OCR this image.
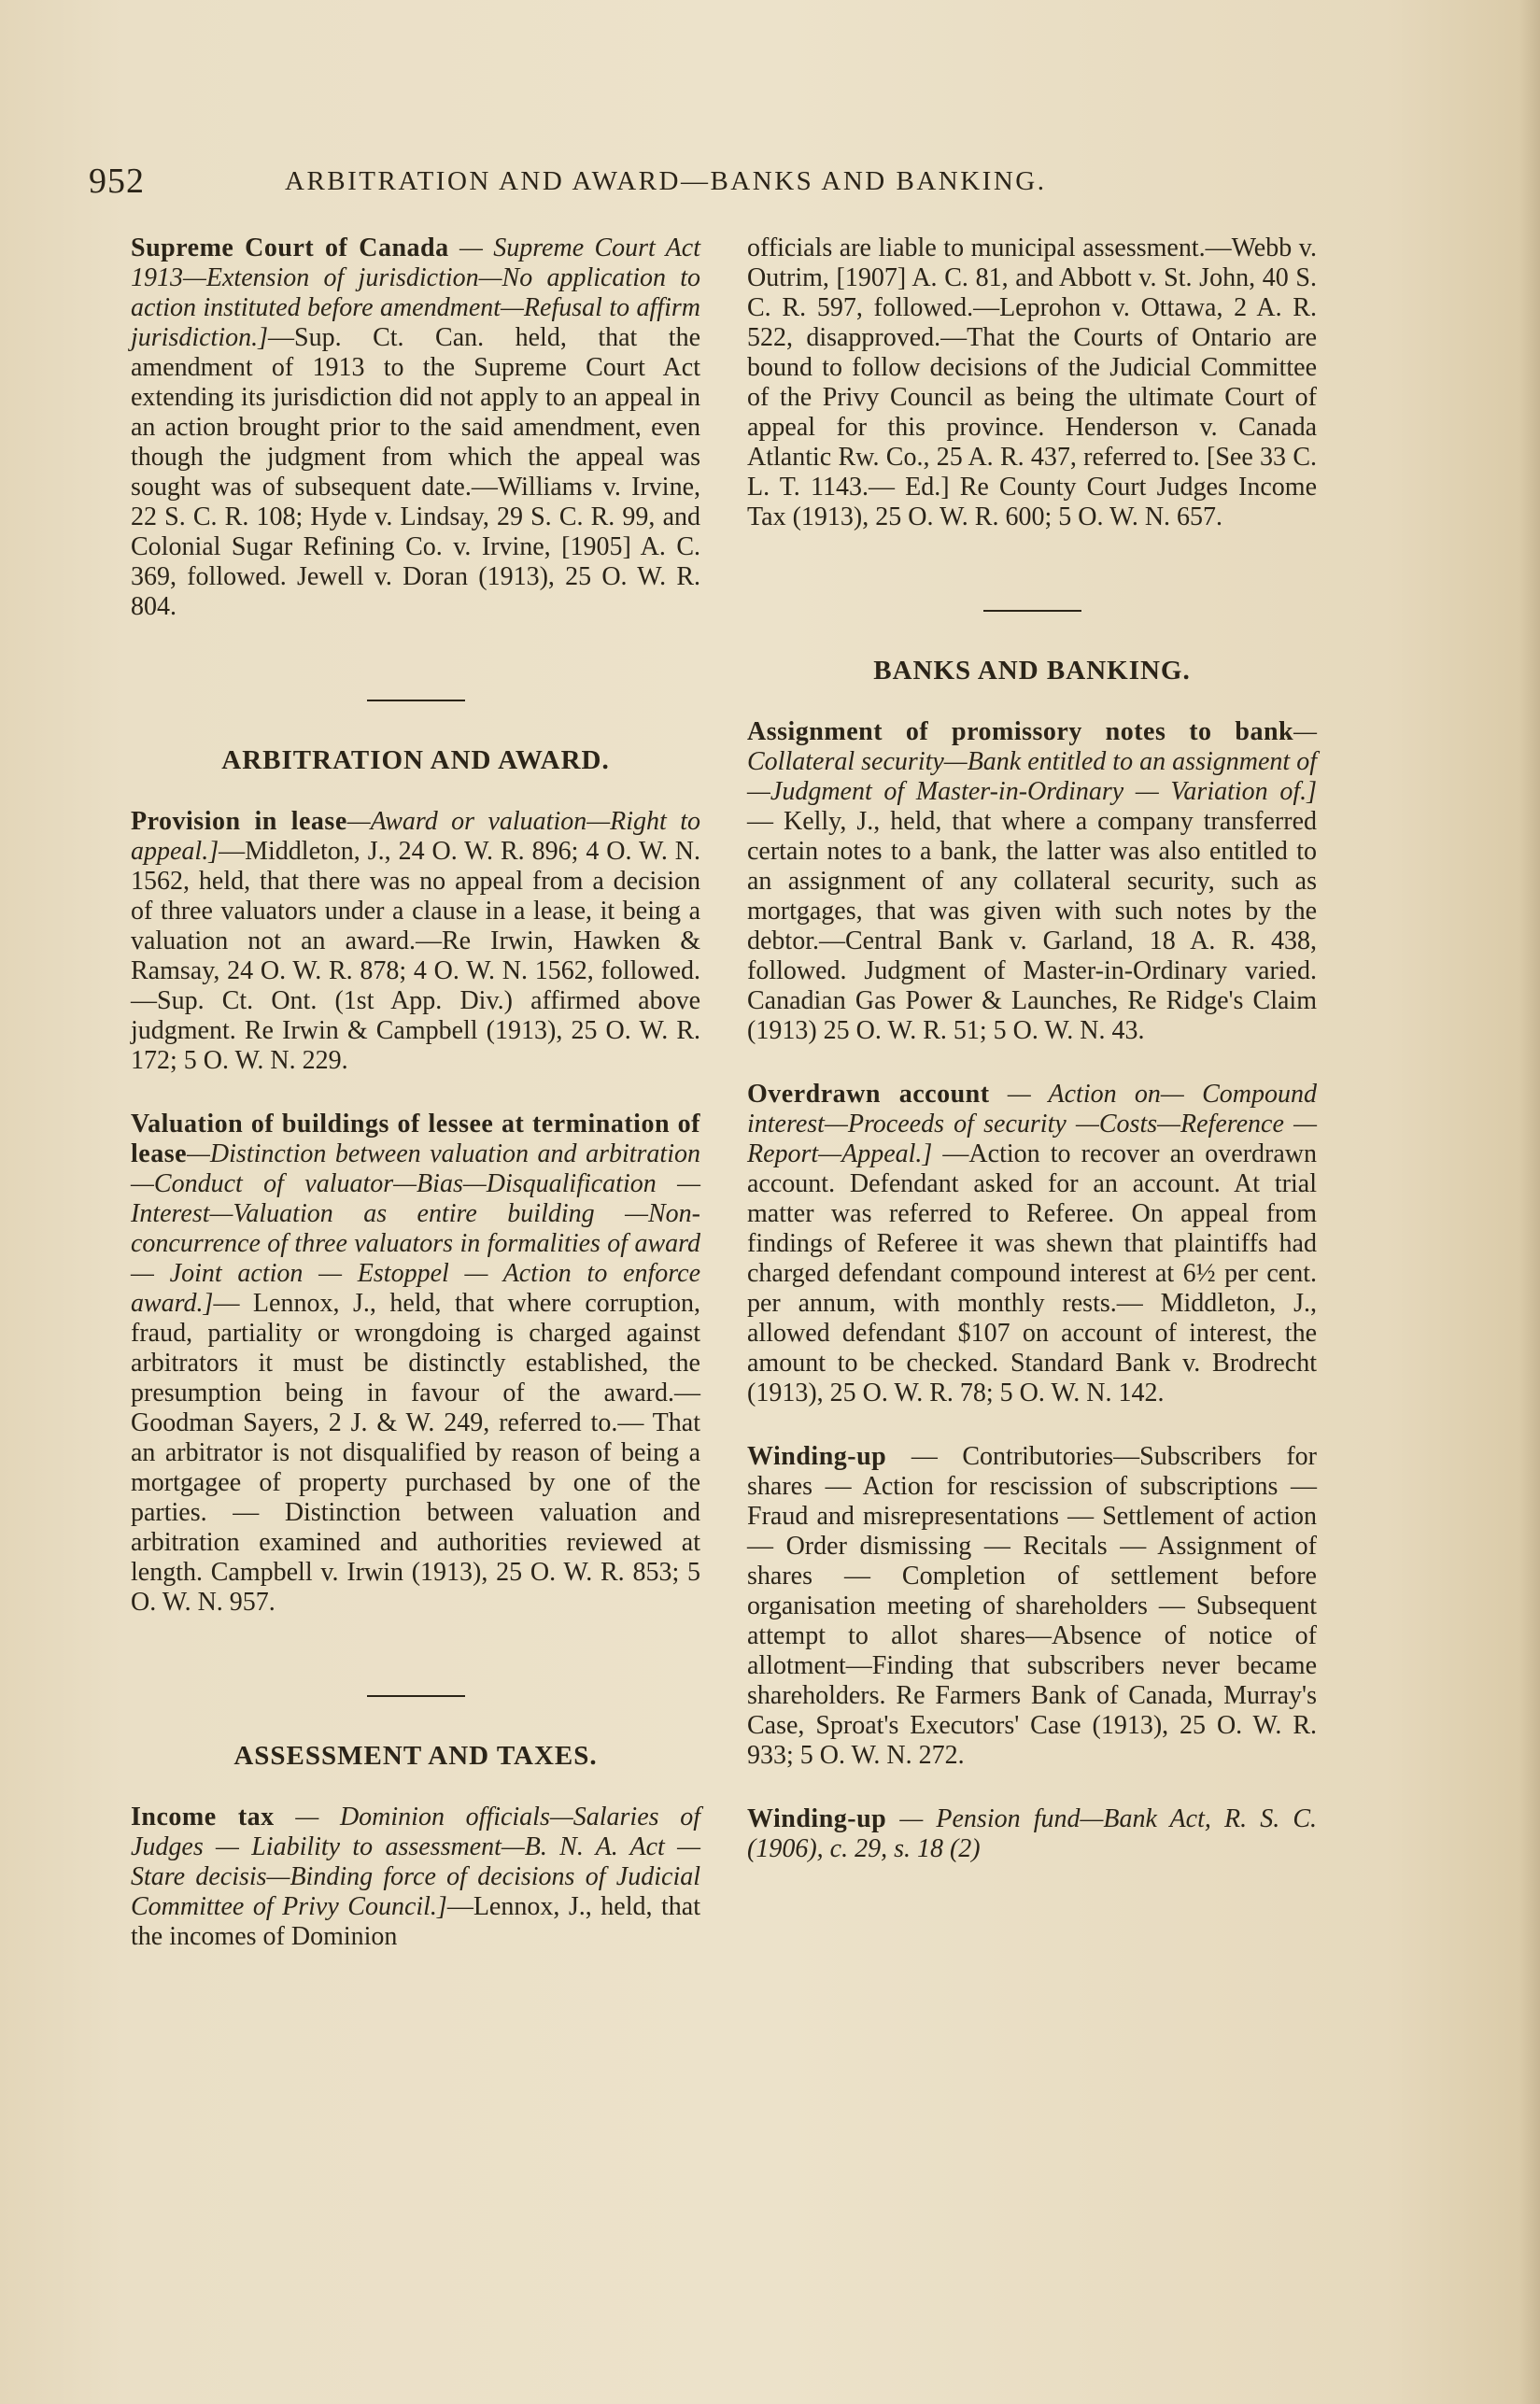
952	ARBITRATION AND AWARD—BANKS AND BANKING.

Supreme Court of Canada — Supreme Court Act 1913—Extension of jurisdiction—No application to action instituted before amendment—Refusal to affirm jurisdiction.]—Sup. Ct. Can. held, that the amendment of 1913 to the Supreme Court Act extending its jurisdiction did not apply to an appeal in an action brought prior to the said amendment, even though the judgment from which the appeal was sought was of subsequent date.—Williams v. Irvine, 22 S. C. R. 108; Hyde v. Lindsay, 29 S. C. R. 99, and Colonial Sugar Refining Co. v. Irvine, [1905] A. C. 369, followed. Jewell v. Doran (1913), 25 O. W. R. 804.

ARBITRATION AND AWARD.

Provision in lease—Award or valuation—Right to appeal.]—Middleton, J., 24 O. W. R. 896; 4 O. W. N. 1562, held, that there was no appeal from a decision of three valuators under a clause in a lease, it being a valuation not an award.—Re Irwin, Hawken & Ramsay, 24 O. W. R. 878; 4 O. W. N. 1562, followed.—Sup. Ct. Ont. (1st App. Div.) affirmed above judgment. Re Irwin & Campbell (1913), 25 O. W. R. 172; 5 O. W. N. 229.

Valuation of buildings of lessee at termination of lease—Distinction between valuation and arbitration—Conduct of valuator—Bias—Disqualification —Interest—Valuation as entire building —Non-concurrence of three valuators in formalities of award — Joint action — Estoppel — Action to enforce award.]— Lennox, J., held, that where corruption, fraud, partiality or wrongdoing is charged against arbitrators it must be distinctly established, the presumption being in favour of the award.—Goodman Sayers, 2 J. & W. 249, referred to.— That an arbitrator is not disqualified by reason of being a mortgagee of property purchased by one of the parties. — Distinction between valuation and arbitration examined and authorities reviewed at length. Campbell v. Irwin (1913), 25 O. W. R. 853; 5 O. W. N. 957.

ASSESSMENT AND TAXES.

Income tax — Dominion officials—Salaries of Judges — Liability to assessment—B. N. A. Act — Stare decisis—Binding force of decisions of Judicial Committee of Privy Council.]—Lennox, J., held, that the incomes of Dominion

officials are liable to municipal assessment.—Webb v. Outrim, [1907] A. C. 81, and Abbott v. St. John, 40 S. C. R. 597, followed.—Leprohon v. Ottawa, 2 A. R. 522, disapproved.—That the Courts of Ontario are bound to follow decisions of the Judicial Committee of the Privy Council as being the ultimate Court of appeal for this province. Henderson v. Canada Atlantic Rw. Co., 25 A. R. 437, referred to. [See 33 C. L. T. 1143.— Ed.] Re County Court Judges Income Tax (1913), 25 O. W. R. 600; 5 O. W. N. 657.

BANKS AND BANKING.

Assignment of promissory notes to bank—Collateral security—Bank entitled to an assignment of—Judgment of Master-in-Ordinary — Variation of.] — Kelly, J., held, that where a company transferred certain notes to a bank, the latter was also entitled to an assignment of any collateral security, such as mortgages, that was given with such notes by the debtor.—Central Bank v. Garland, 18 A. R. 438, followed. Judgment of Master-in-Ordinary varied. Canadian Gas Power & Launches, Re Ridge's Claim (1913) 25 O. W. R. 51; 5 O. W. N. 43.

Overdrawn account — Action on— Compound interest—Proceeds of security —Costs—Reference — Report—Appeal.] —Action to recover an overdrawn account. Defendant asked for an account. At trial matter was referred to Referee. On appeal from findings of Referee it was shewn that plaintiffs had charged defendant compound interest at 6½ per cent. per annum, with monthly rests.— Middleton, J., allowed defendant $107 on account of interest, the amount to be checked. Standard Bank v. Brodrecht (1913), 25 O. W. R. 78; 5 O. W. N. 142.

Winding-up — Contributories—Subscribers for shares — Action for rescission of subscriptions — Fraud and misrepresentations — Settlement of action— Order dismissing — Recitals — Assignment of shares — Completion of settlement before organisation meeting of shareholders — Subsequent attempt to allot shares—Absence of notice of allotment—Finding that subscribers never became shareholders. Re Farmers Bank of Canada, Murray's Case, Sproat's Executors' Case (1913), 25 O. W. R. 933; 5 O. W. N. 272.

Winding-up — Pension fund—Bank Act, R. S. C. (1906), c. 29, s. 18 (2)
